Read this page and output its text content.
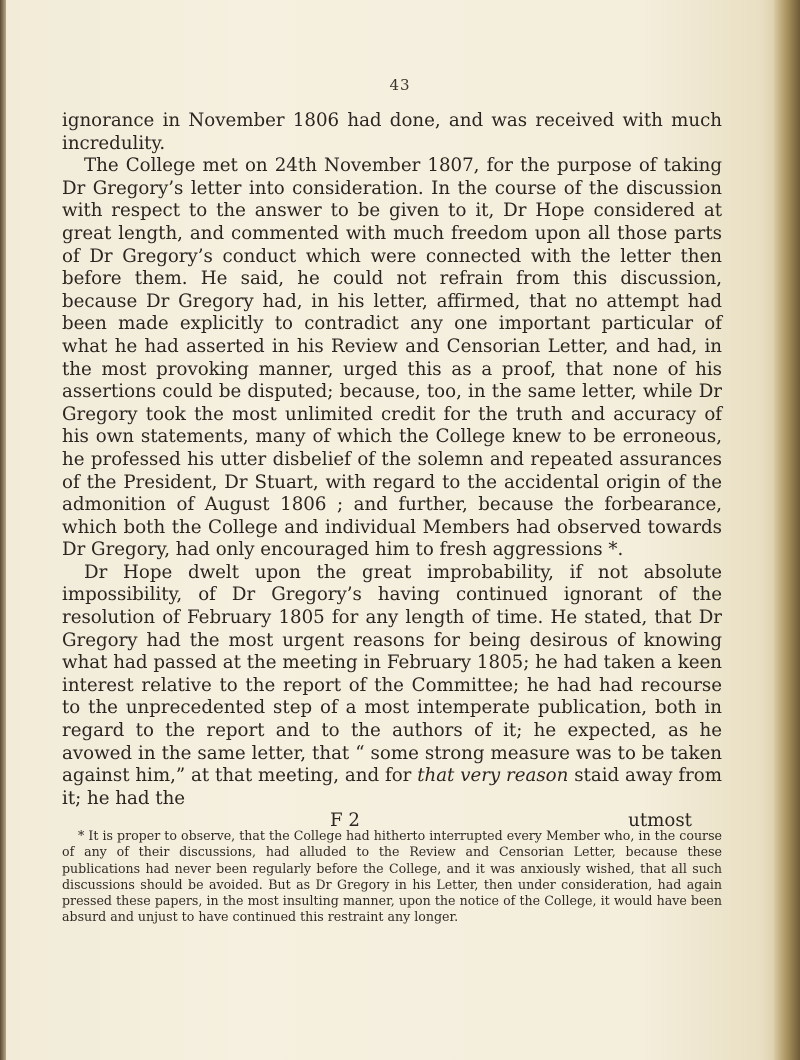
43

ignorance in November 1806 had done, and was received with much incredulity.

The College met on 24th November 1807, for the purpose of taking Dr Gregory’s letter into consideration. In the course of the discussion with respect to the answer to be given to it, Dr Hope considered at great length, and commented with much freedom upon all those parts of Dr Gregory’s conduct which were connected with the letter then before them. He said, he could not refrain from this discussion, because Dr Gregory had, in his letter, affirmed, that no attempt had been made explicitly to contradict any one important particular of what he had asserted in his Review and Censorian Letter, and had, in the most provoking manner, urged this as a proof, that none of his assertions could be disputed; because, too, in the same letter, while Dr Gregory took the most unlimited credit for the truth and accuracy of his own statements, many of which the College knew to be erroneous, he professed his utter disbelief of the solemn and repeated assurances of the President, Dr Stuart, with regard to the accidental origin of the admonition of August 1806 ; and further, because the forbearance, which both the College and individual Members had observed towards Dr Gregory, had only encouraged him to fresh aggressions *.

Dr Hope dwelt upon the great improbability, if not absolute impossibility, of Dr Gregory’s having continued ignorant of the resolution of February 1805 for any length of time. He stated, that Dr Gregory had the most urgent reasons for being desirous of knowing what had passed at the meeting in February 1805; he had taken a keen interest relative to the report of the Committee; he had had recourse to the unprecedented step of a most intemperate publication, both in regard to the report and to the authors of it; he expected, as he avowed in the same letter, that “ some strong measure was to be taken against him,” at that meeting, and for that very reason staid away from it; he had the

F 2	utmost

* It is proper to observe, that the College had hitherto interrupted every Member who, in the course of any of their discussions, had alluded to the Review and Censorian Letter, because these publications had never been regularly before the College, and it was anxiously wished, that all such discussions should be avoided. But as Dr Gregory in his Letter, then under consideration, had again pressed these papers, in the most insulting manner, upon the notice of the College, it would have been absurd and unjust to have continued this restraint any longer.
